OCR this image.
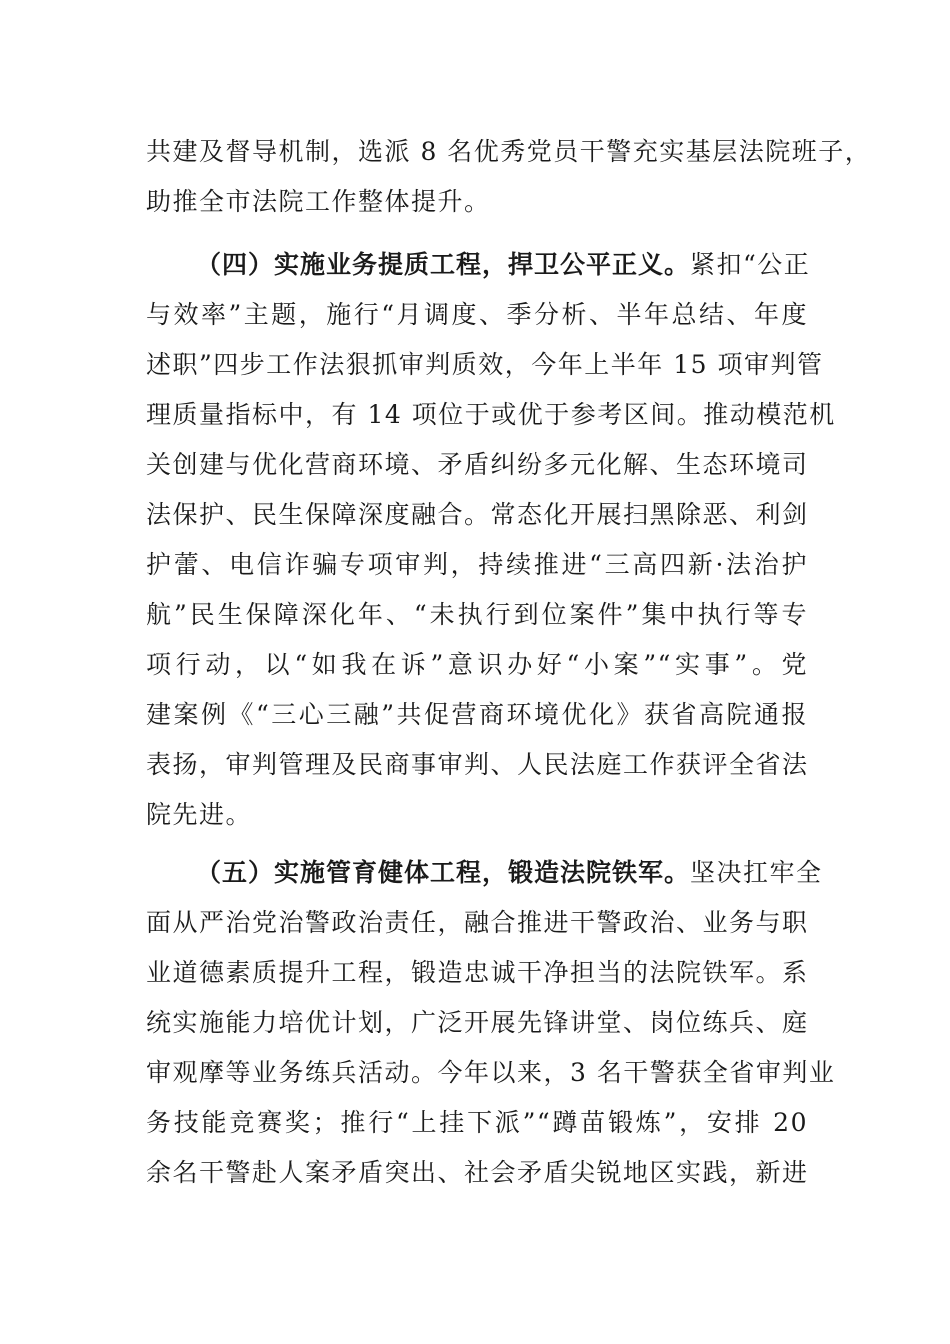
共建及督导机制，选派 8 名优秀党员干警充实基层法院班子，
助推全市法院工作整体提升。
（四）实施业务提质工程，捍卫公平正义。紧扣“公正
与效率”主题，施行“月调度、季分析、半年总结、年度
述职”四步工作法狠抓审判质效，今年上半年 15 项审判管
理质量指标中，有 14 项位于或优于参考区间。推动模范机
关创建与优化营商环境、矛盾纠纷多元化解、生态环境司
法保护、民生保障深度融合。常态化开展扫黑除恶、利剑
护蕾、电信诈骗专项审判，持续推进“三高四新·法治护
航”民生保障深化年、“未执行到位案件”集中执行等专
项行动，以“如我在诉”意识办好“小案”“实事”。党
建案例《“三心三融”共促营商环境优化》获省高院通报
表扬，审判管理及民商事审判、人民法庭工作获评全省法
院先进。
（五）实施管育健体工程，锻造法院铁军。坚决扛牢全
面从严治党治警政治责任，融合推进干警政治、业务与职
业道德素质提升工程，锻造忠诚干净担当的法院铁军。系
统实施能力培优计划，广泛开展先锋讲堂、岗位练兵、庭
审观摩等业务练兵活动。今年以来，3 名干警获全省审判业
务技能竞赛奖；推行“上挂下派”“蹲苗锻炼”，安排 20
余名干警赴人案矛盾突出、社会矛盾尖锐地区实践，新进
